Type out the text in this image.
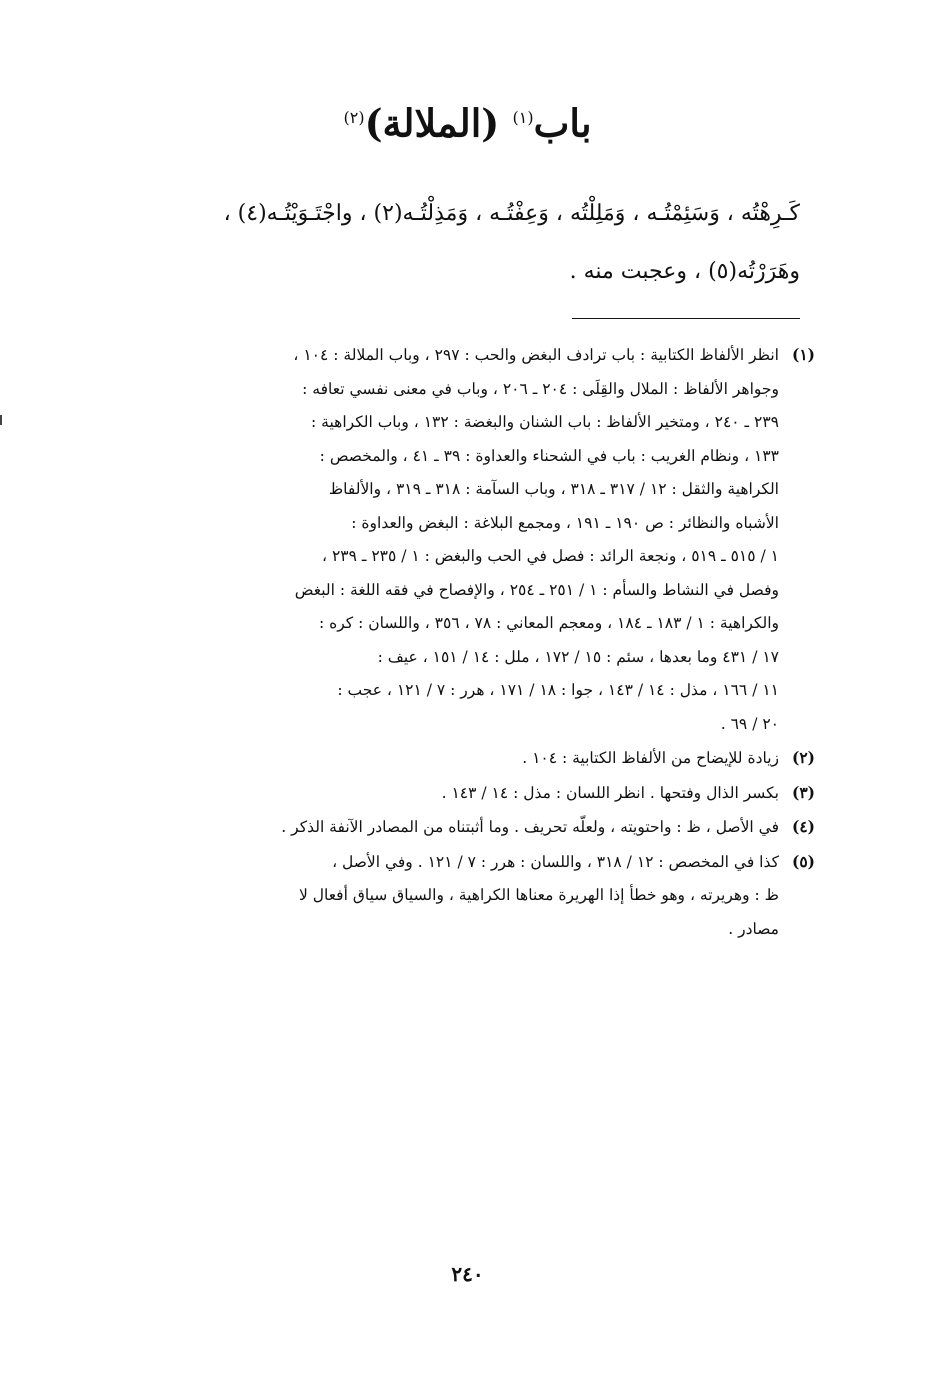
باب$^{(١)}$ (الملالة)$^{(٢)}$
كَـرِهْتُه ، وَسَئِمْتُـه ، وَمَلِلْتُه ، وَعِفْتُـه ، وَمَذِلْتُـه(٢) ، واجْتَـوَيْتُـه(٤) ،
وهَرَرْتُه(٥) ، وعجبت منه .
(١)انظر الألفاظ الكتابية : باب ترادف البغض والحب : ٢٩٧ ، وباب الملالة : ١٠٤ ،
وجواهر الألفاظ : الملال والقِلَى : ٢٠٤ ـ ٢٠٦ ، وباب في معنى نفسي تعافه :
٢٣٩ ـ ٢٤٠ ، ومتخير الألفاظ : باب الشنان والبغضة : ١٣٢ ، وباب الكراهية :
١٣٣ ، ونظام الغريب : باب في الشحناء والعداوة : ٣٩ ـ ٤١ ، والمخصص :
الكراهية والثقل : ١٢ / ٣١٧ ـ ٣١٨ ، وباب السآمة : ٣١٨ ـ ٣١٩ ، والألفاظ
الأشباه والنظائر : ص ١٩٠ ـ ١٩١ ، ومجمع البلاغة : البغض والعداوة :
١ / ٥١٥ ـ ٥١٩ ، ونجعة الرائد : فصل في الحب والبغض : ١ / ٢٣٥ ـ ٢٣٩ ،
وفصل في النشاط والسأم : ١ / ٢٥١ ـ ٢٥٤ ، والإفصاح في فقه اللغة : البغض
والكراهية : ١ / ١٨٣ ـ ١٨٤ ، ومعجم المعاني : ٧٨ ، ٣٥٦ ، واللسان : كره :
١٧ / ٤٣١ وما بعدها ، سئم : ١٥ / ١٧٢ ، ملل : ١٤ / ١٥١ ، عيف :
١١ / ١٦٦ ، مذل : ١٤ / ١٤٣ ، جوا : ١٨ / ١٧١ ، هرر : ٧ / ١٢١ ، عجب :
٢٠ / ٦٩ .
(٢)زيادة للإيضاح من الألفاظ الكتابية : ١٠٤ .
(٣)بكسر الذال وفتحها . انظر اللسان : مذل : ١٤ / ١٤٣ .
(٤)في الأصل ، ظ : واحتويته ، ولعلّه تحريف . وما أثبتناه من المصادر الآنفة الذكر .
(٥)كذا في المخصص : ١٢ / ٣١٨ ، واللسان : هرر : ٧ / ١٢١ . وفي الأصل ،
ظ : وهريرته ، وهو خطأ إذا الهريرة معناها الكراهية ، والسياق سياق أفعال لا
مصادر .
٢٤٠
